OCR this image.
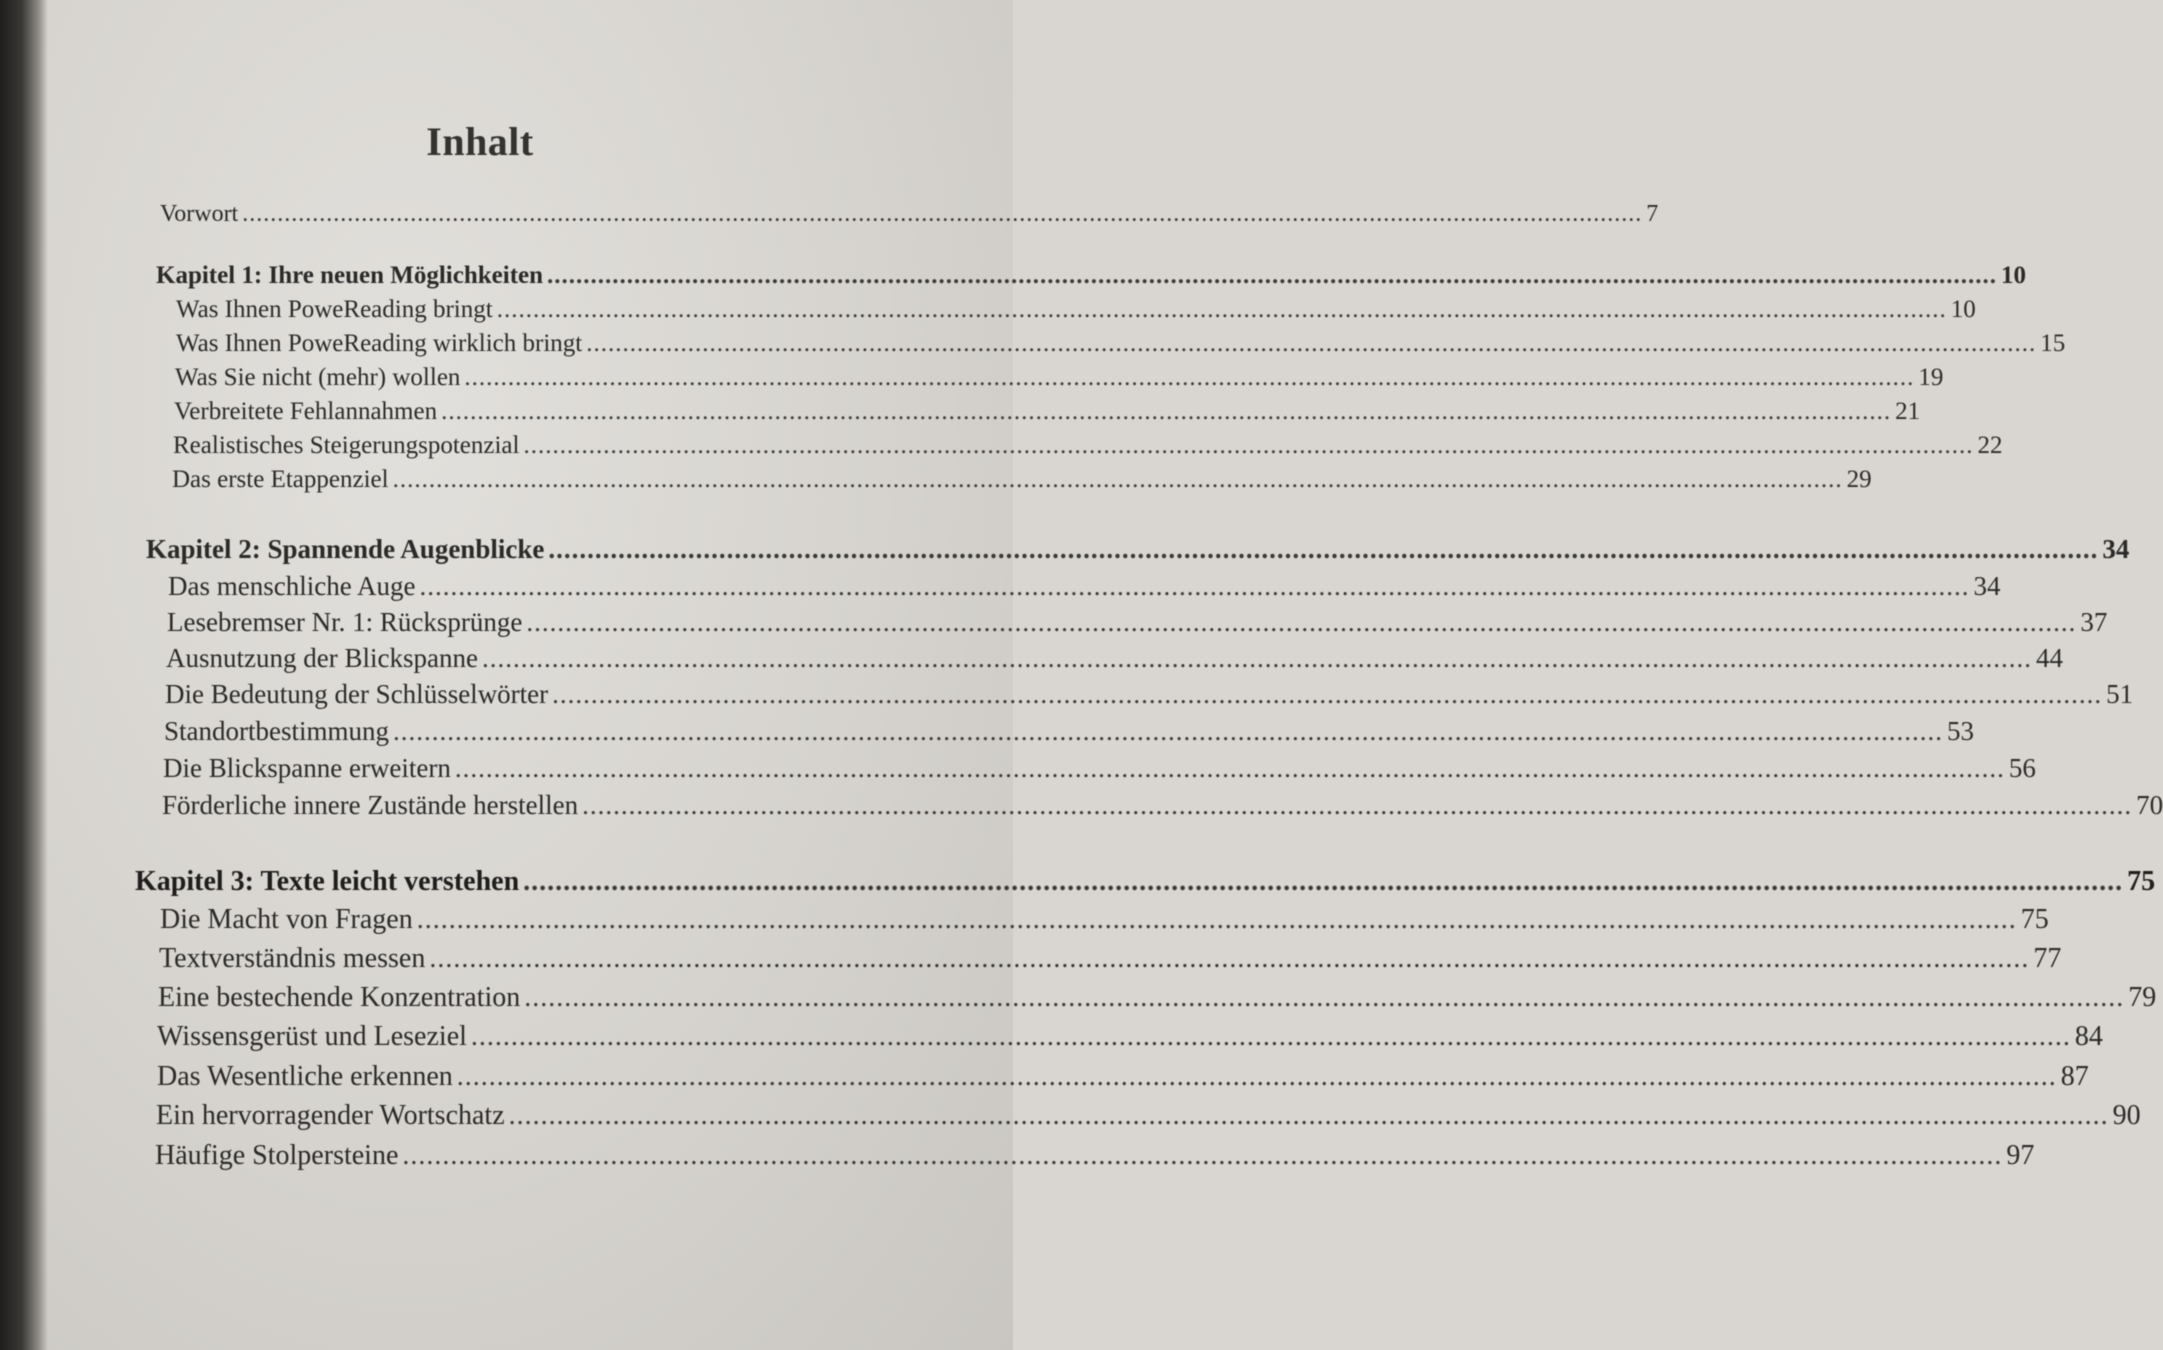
Inhalt
Vorwort ........................................................................................................................................................................................................ 7
Kapitel 1: Ihre neuen Möglichkeiten ........................................................................................................................................................................................................ 10
Was Ihnen PoweReading bringt ........................................................................................................................................................................................................ 10
Was Ihnen PoweReading wirklich bringt ........................................................................................................................................................................................................ 15
Was Sie nicht (mehr) wollen ........................................................................................................................................................................................................ 19
Verbreitete Fehlannahmen ........................................................................................................................................................................................................ 21
Realistisches Steigerungspotenzial ........................................................................................................................................................................................................ 22
Das erste Etappenziel ........................................................................................................................................................................................................ 29
Kapitel 2: Spannende Augenblicke ........................................................................................................................................................................................................ 34
Das menschliche Auge ........................................................................................................................................................................................................ 34
Lesebremser Nr. 1: Rücksprünge ........................................................................................................................................................................................................ 37
Ausnutzung der Blickspanne ........................................................................................................................................................................................................ 44
Die Bedeutung der Schlüsselwörter ........................................................................................................................................................................................................ 51
Standortbestimmung ........................................................................................................................................................................................................ 53
Die Blickspanne erweitern ........................................................................................................................................................................................................ 56
Förderliche innere Zustände herstellen ........................................................................................................................................................................................................ 70
Kapitel 3: Texte leicht verstehen ........................................................................................................................................................................................................ 75
Die Macht von Fragen ........................................................................................................................................................................................................ 75
Textverständnis messen ........................................................................................................................................................................................................ 77
Eine bestechende Konzentration ........................................................................................................................................................................................................ 79
Wissensgerüst und Leseziel ........................................................................................................................................................................................................ 84
Das Wesentliche erkennen ........................................................................................................................................................................................................ 87
Ein hervorragender Wortschatz ........................................................................................................................................................................................................ 90
Häufige Stolpersteine ........................................................................................................................................................................................................ 97
